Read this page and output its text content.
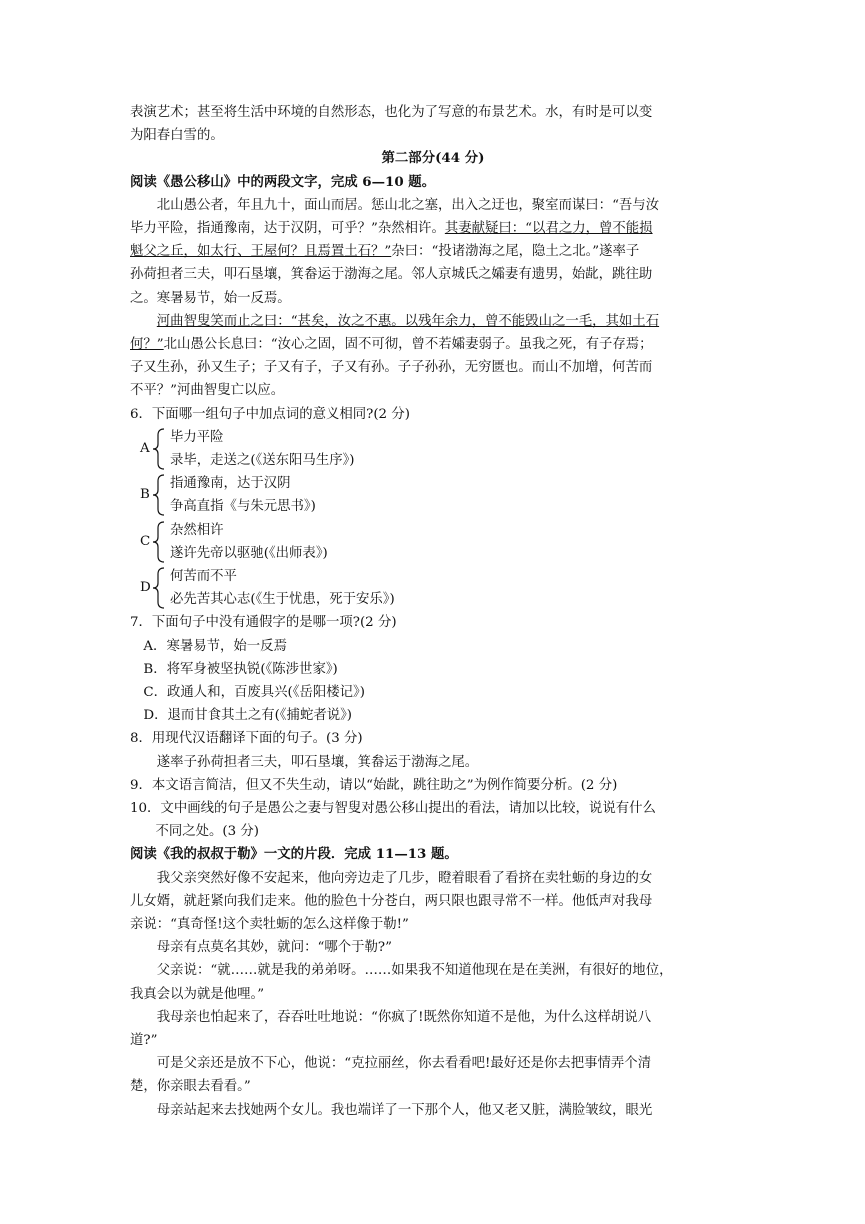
表演艺术；甚至将生活中环境的自然形态，也化为了写意的布景艺术。水，有时是可以变
为阳春白雪的。
第二部分(44 分)
阅读《愚公移山》中的两段文字，完成 6—10 题。
北山愚公者，年且九十，面山而居。惩山北之塞，出入之迂也，聚室而谋曰：“吾与汝
毕力平险，指通豫南，达于汉阴，可乎？”杂然相许。其妻献疑曰：“以君之力，曾不能损
魁父之丘，如太行、王屋何？且焉置土石？”杂曰：“投诸渤海之尾，隐土之北。”遂率子
孙荷担者三夫，叩石垦壤，箕畚运于渤海之尾。邻人京城氏之孀妻有遗男，始龀，跳往助
之。寒暑易节，始一反焉。
河曲智叟笑而止之曰：“甚矣，汝之不惠。以残年余力，曾不能毁山之一毛，其如土石
何？”北山愚公长息曰：“汝心之固，固不可彻，曾不若孀妻弱子。虽我之死，有子存焉；
子又生孙，孙又生子；子又有子，子又有孙。子子孙孙，无穷匮也。而山不加增，何苦而
不平？”河曲智叟亡以应。
6．下面哪一组句子中加点词的意义相同?(2 分)
A
毕力平险
录毕，走送之(《送东阳马生序》)
B
指通豫南，达于汉阴
争高直指《与朱元思书》)
C
杂然相许
遂许先帝以驱驰(《出师表》)
D
何苦而不平
必先苦其心志(《生于忧患，死于安乐》)
7．下面句子中没有通假字的是哪一项?(2 分)
A．寒暑易节，始一反焉
B．将军身被坚执锐(《陈涉世家》)
C．政通人和，百废具兴(《岳阳楼记》)
D．退而甘食其土之有(《捕蛇者说》)
8．用现代汉语翻译下面的句子。(3 分)
遂率子孙荷担者三夫，叩石垦壤，箕畚运于渤海之尾。
9．本文语言简洁，但又不失生动，请以“始龀，跳往助之”为例作简要分析。(2 分)
10．文中画线的句子是愚公之妻与智叟对愚公移山提出的看法，请加以比较，说说有什么
不同之处。(3 分)
阅读《我的叔叔于勒》一文的片段．完成 11—13 题。
我父亲突然好像不安起来，他向旁边走了几步，瞪着眼看了看挤在卖牡蛎的身边的女
儿女婿，就赶紧向我们走来。他的脸色十分苍白，两只限也跟寻常不一样。他低声对我母
亲说：“真奇怪!这个卖牡蛎的怎么这样像于勒!”
母亲有点莫名其妙，就问：“哪个于勒?”
父亲说：“就……就是我的弟弟呀。……如果我不知道他现在是在美洲，有很好的地位，
我真会以为就是他哩。”
我母亲也怕起来了，吞吞吐吐地说：“你疯了!既然你知道不是他，为什么这样胡说八
道?”
可是父亲还是放不下心，他说：“克拉丽丝，你去看看吧!最好还是你去把事情弄个清
楚，你亲眼去看看。”
母亲站起来去找她两个女儿。我也端详了一下那个人，他又老又脏，满脸皱纹，眼光
